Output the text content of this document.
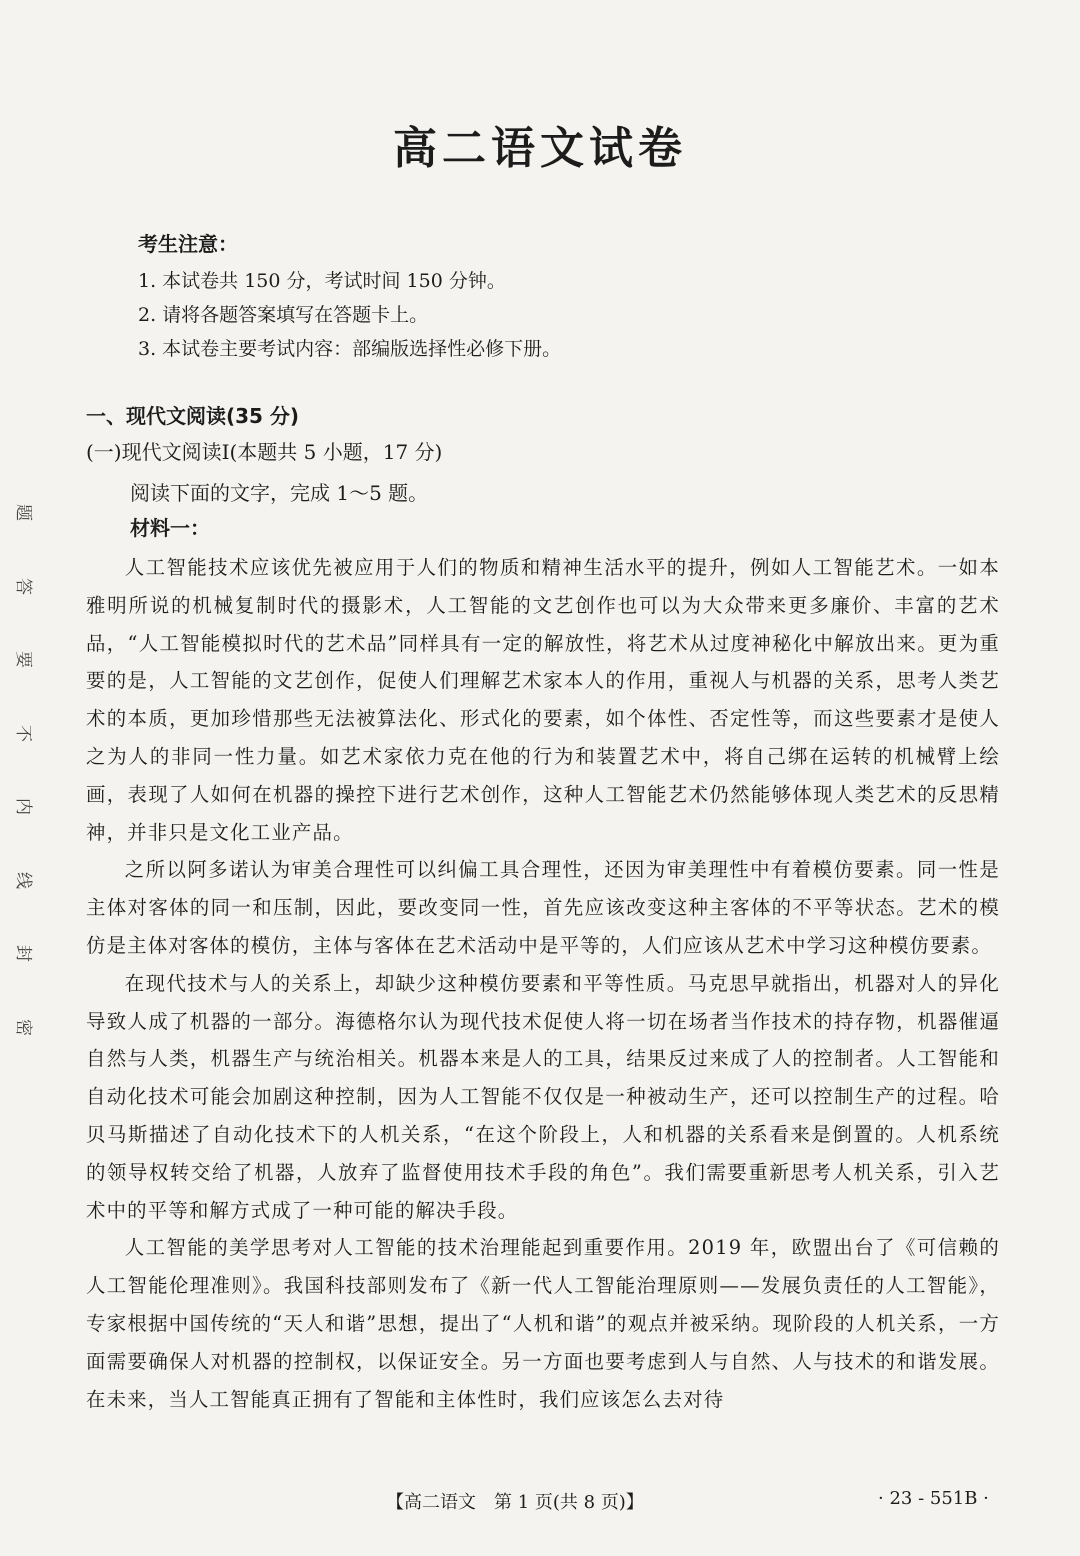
题
答
要
不
内
线
封
密
高二语文试卷
考生注意：
1. 本试卷共 150 分，考试时间 150 分钟。
2. 请将各题答案填写在答题卡上。
3. 本试卷主要考试内容：部编版选择性必修下册。
一、现代文阅读(35 分)
(一)现代文阅读Ⅰ(本题共 5 小题，17 分)
阅读下面的文字，完成 1～5 题。
材料一：

人工智能技术应该优先被应用于人们的物质和精神生活水平的提升，例如人工智能艺术。一如本雅明所说的机械复制时代的摄影术，人工智能的文艺创作也可以为大众带来更多廉价、丰富的艺术品，“人工智能模拟时代的艺术品”同样具有一定的解放性，将艺术从过度神秘化中解放出来。更为重要的是，人工智能的文艺创作，促使人们理解艺术家本人的作用，重视人与机器的关系，思考人类艺术的本质，更加珍惜那些无法被算法化、形式化的要素，如个体性、否定性等，而这些要素才是使人之为人的非同一性力量。如艺术家依力克在他的行为和装置艺术中，将自己绑在运转的机械臂上绘画，表现了人如何在机器的操控下进行艺术创作，这种人工智能艺术仍然能够体现人类艺术的反思精神，并非只是文化工业产品。

之所以阿多诺认为审美合理性可以纠偏工具合理性，还因为审美理性中有着模仿要素。同一性是主体对客体的同一和压制，因此，要改变同一性，首先应该改变这种主客体的不平等状态。艺术的模仿是主体对客体的模仿，主体与客体在艺术活动中是平等的，人们应该从艺术中学习这种模仿要素。

在现代技术与人的关系上，却缺少这种模仿要素和平等性质。马克思早就指出，机器对人的异化导致人成了机器的一部分。海德格尔认为现代技术促使人将一切在场者当作技术的持存物，机器催逼自然与人类，机器生产与统治相关。机器本来是人的工具，结果反过来成了人的控制者。人工智能和自动化技术可能会加剧这种控制，因为人工智能不仅仅是一种被动生产，还可以控制生产的过程。哈贝马斯描述了自动化技术下的人机关系，“在这个阶段上，人和机器的关系看来是倒置的。人机系统的领导权转交给了机器，人放弃了监督使用技术手段的角色”。我们需要重新思考人机关系，引入艺术中的平等和解方式成了一种可能的解决手段。

人工智能的美学思考对人工智能的技术治理能起到重要作用。2019 年，欧盟出台了《可信赖的人工智能伦理准则》。我国科技部则发布了《新一代人工智能治理原则——发展负责任的人工智能》，专家根据中国传统的“天人和谐”思想，提出了“人机和谐”的观点并被采纳。现阶段的人机关系，一方面需要确保人对机器的控制权，以保证安全。另一方面也要考虑到人与自然、人与技术的和谐发展。在未来，当人工智能真正拥有了智能和主体性时，我们应该怎么去对待

【高二语文　第 1 页(共 8 页)】	· 23 - 551B ·
